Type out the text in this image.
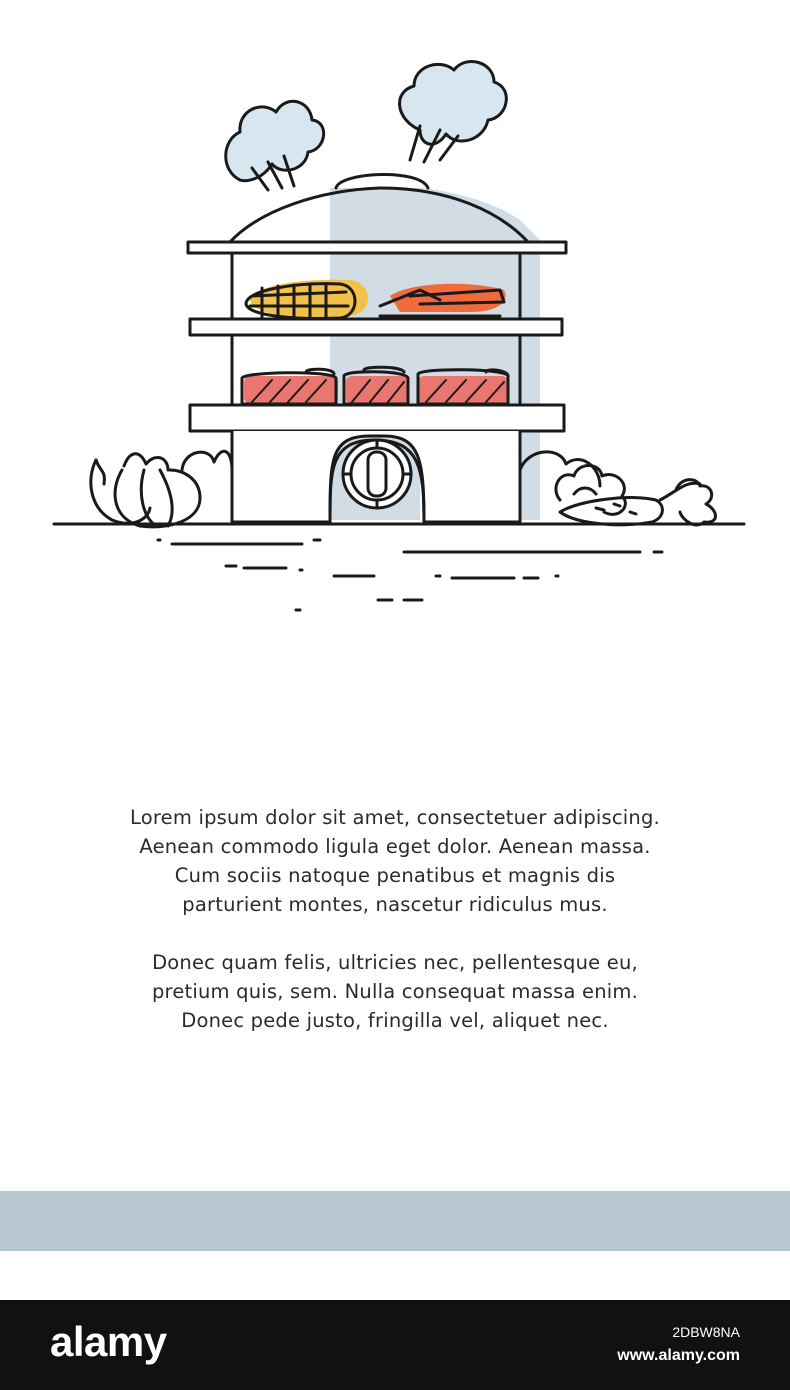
Lorem ipsum dolor sit amet, consectetuer adipiscing.

Aenean commodo ligula eget dolor. Aenean massa.

Cum sociis natoque penatibus et magnis dis

parturient montes, nascetur ridiculus mus.

Donec quam felis, ultricies nec, pellentesque eu,

pretium quis, sem. Nulla consequat massa enim.

Donec pede justo, fringilla vel, aliquet nec.

alamy	2DBW8NA
www.alamy.com
